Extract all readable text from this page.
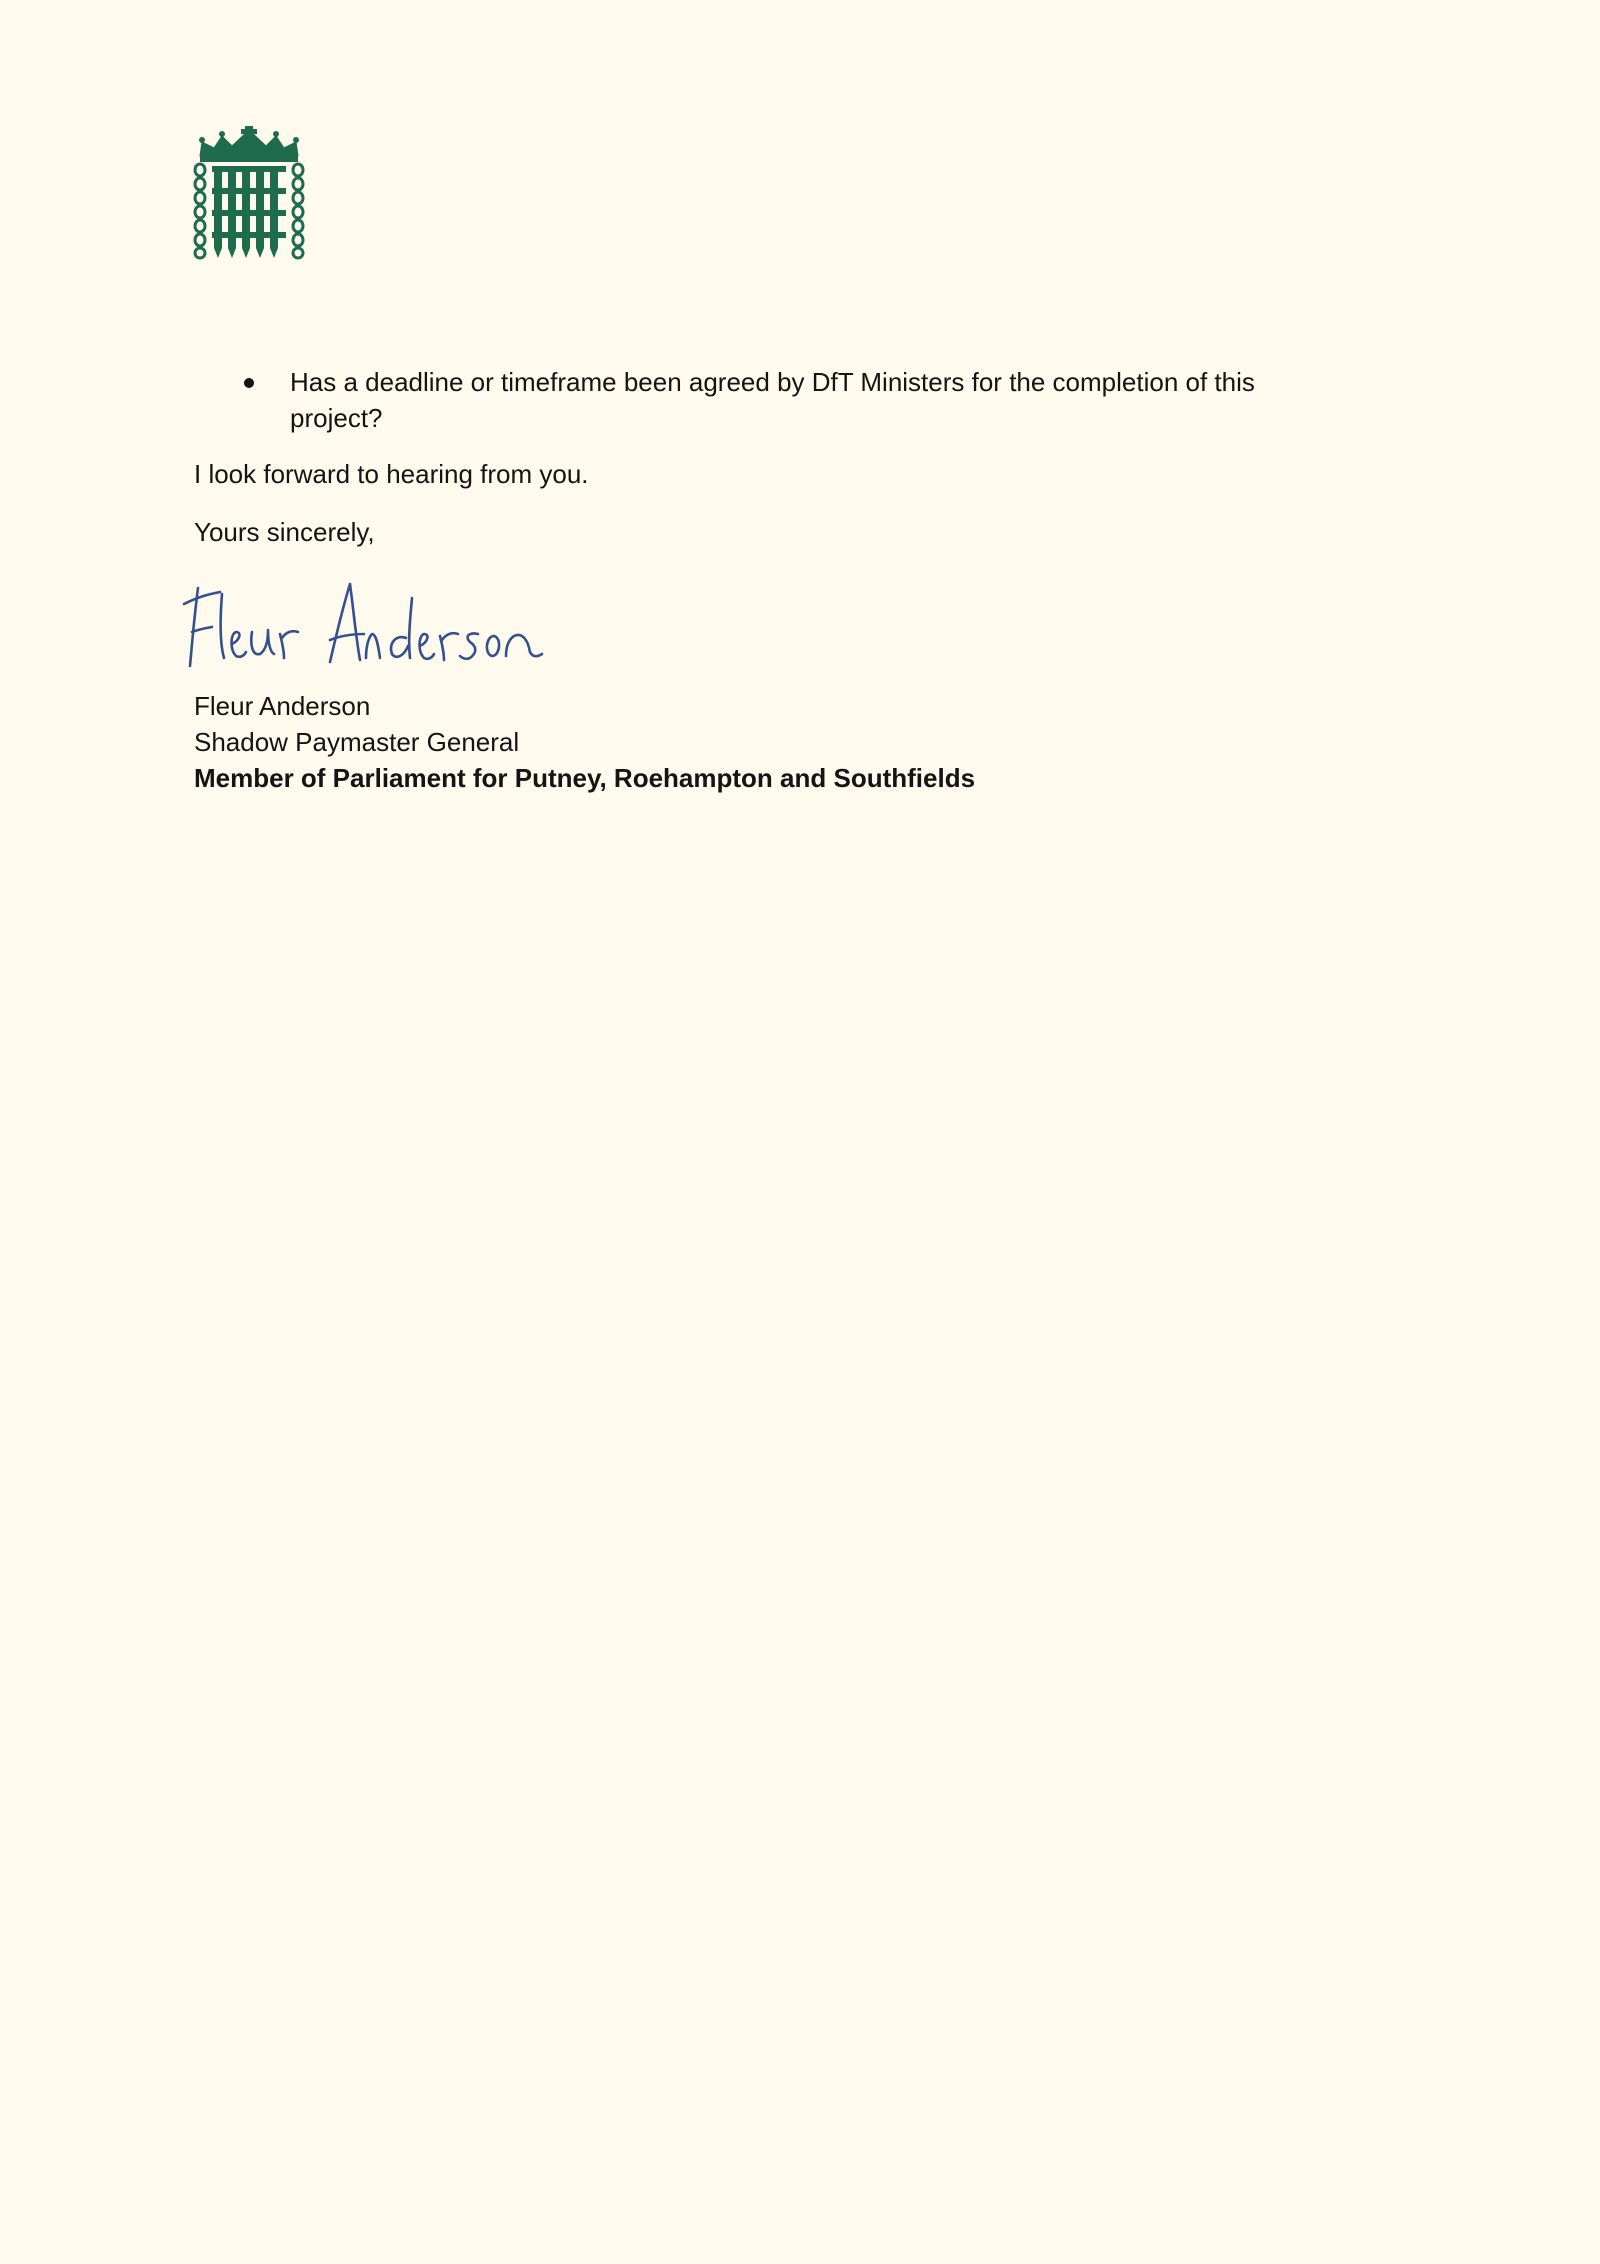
Has a deadline or timeframe been agreed by DfT Ministers for the completion of this project?

I look forward to hearing from you.

Yours sincerely,

Fleur Anderson
Shadow Paymaster General
Member of Parliament for Putney, Roehampton and Southfields
